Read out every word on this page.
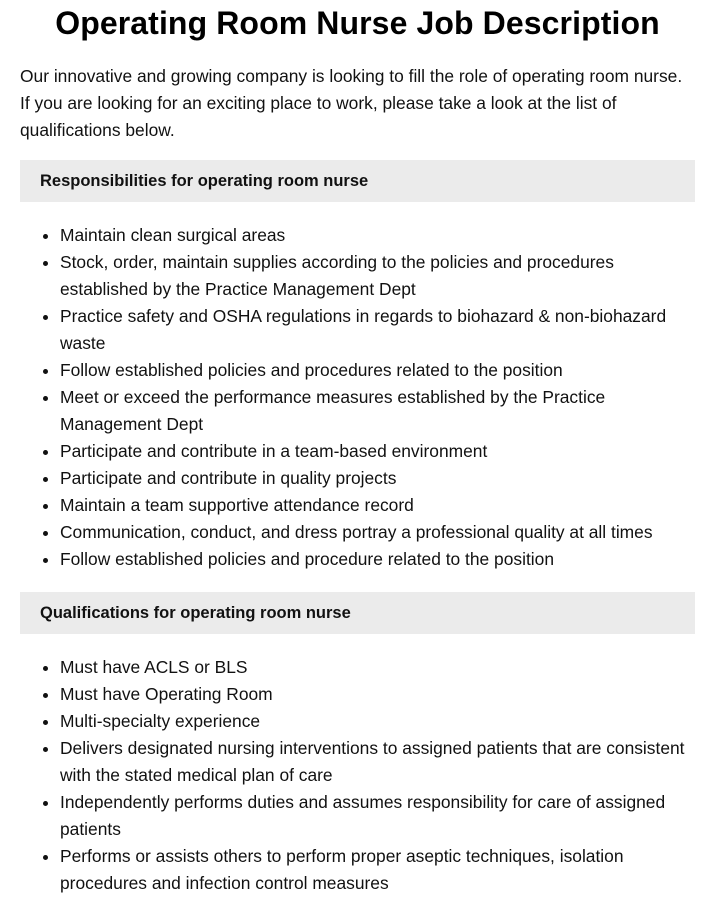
Operating Room Nurse Job Description

Our innovative and growing company is looking to fill the role of operating room nurse. If you are looking for an exciting place to work, please take a look at the list of qualifications below.

Responsibilities for operating room nurse
• Maintain clean surgical areas
• Stock, order, maintain supplies according to the policies and procedures established by the Practice Management Dept
• Practice safety and OSHA regulations in regards to biohazard & non-biohazard waste
• Follow established policies and procedures related to the position
• Meet or exceed the performance measures established by the Practice Management Dept
• Participate and contribute in a team-based environment
• Participate and contribute in quality projects
• Maintain a team supportive attendance record
• Communication, conduct, and dress portray a professional quality at all times
• Follow established policies and procedure related to the position
Qualifications for operating room nurse
• Must have ACLS or BLS
• Must have Operating Room
• Multi-specialty experience
• Delivers designated nursing interventions to assigned patients that are consistent with the stated medical plan of care
• Independently performs duties and assumes responsibility for care of assigned patients
• Performs or assists others to perform proper aseptic techniques, isolation procedures and infection control measures
